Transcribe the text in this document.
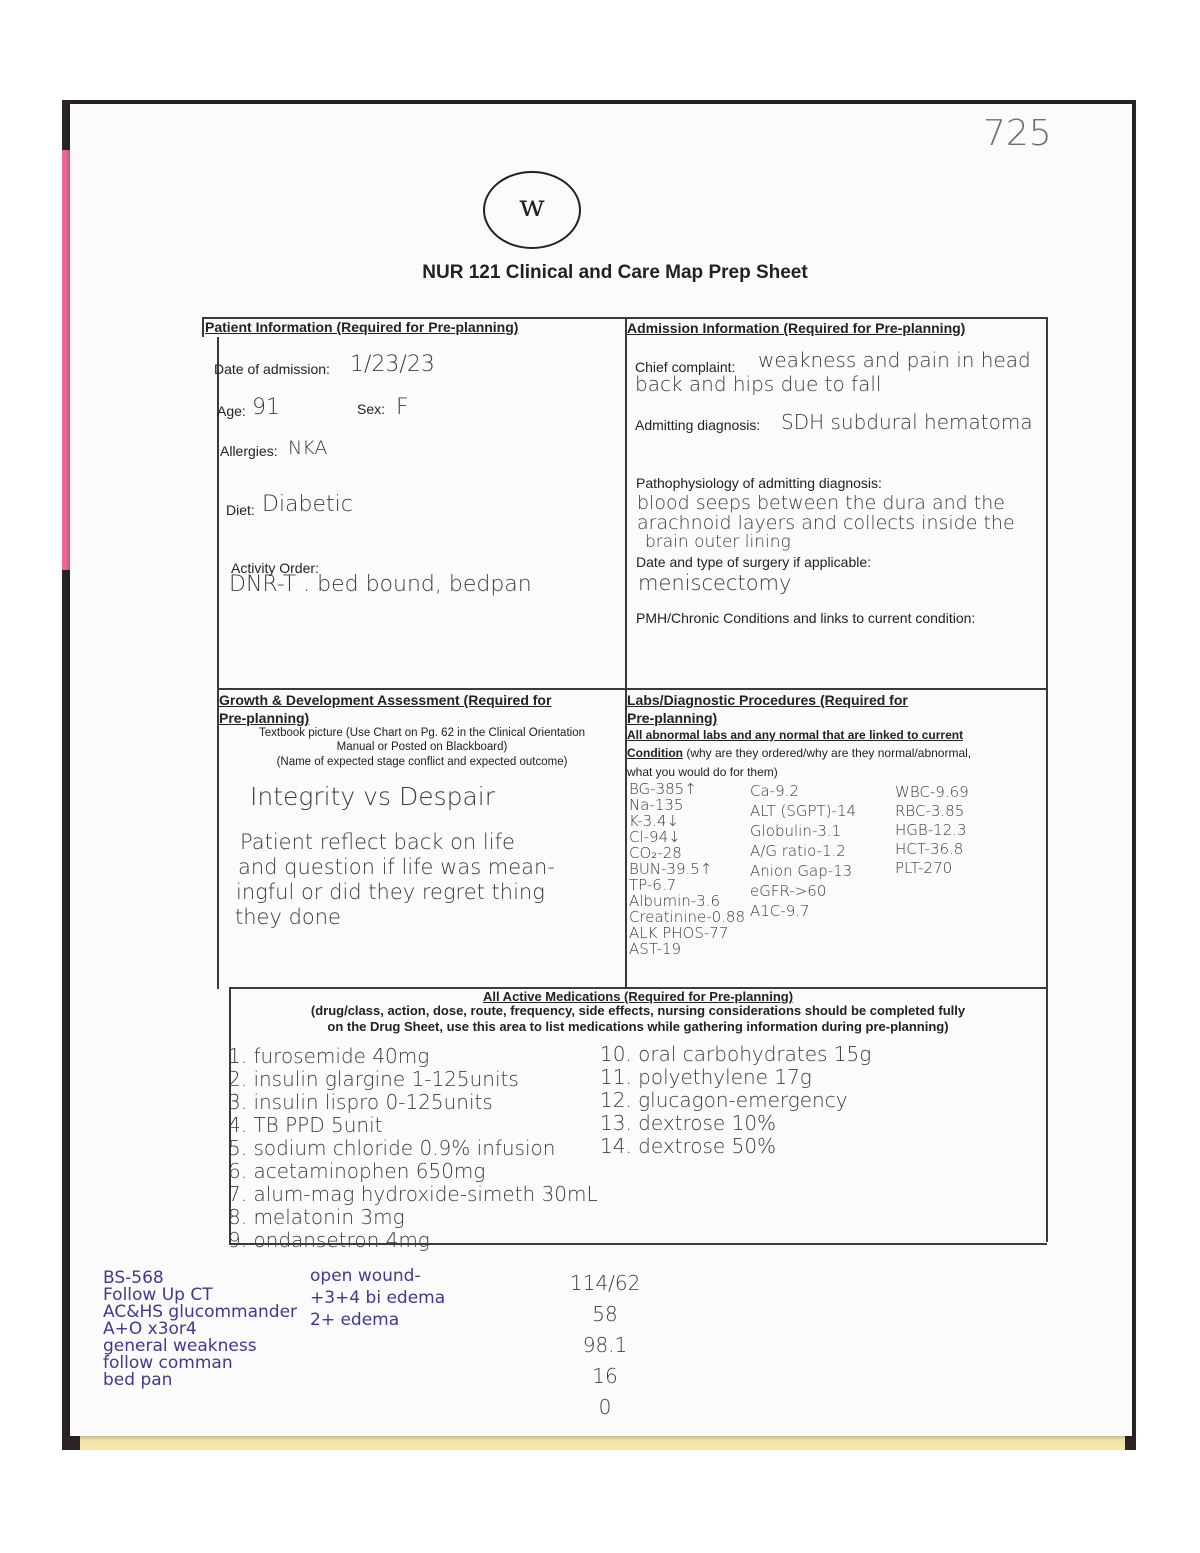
725
w
NUR 121 Clinical and Care Map Prep Sheet
Patient Information (Required for Pre-planning)
Date of admission: 1/23/23
Age: 91	Sex: F
Allergies: NKA
Diet: Diabetic
Activity Order:
DNR-T . bed bound, bedpan
Admission Information (Required for Pre-planning)
Chief complaint: weakness and pain in head
back and hips due to fall
Admitting diagnosis: SDH subdural hematoma
Pathophysiology of admitting diagnosis:
blood seeps between the dura and the
arachnoid layers and collects inside the
brain outer lining
Date and type of surgery if applicable:
meniscectomy
PMH/Chronic Conditions and links to current condition:
Growth & Development Assessment (Required for
Pre-planning)
Textbook picture (Use Chart on Pg. 62 in the Clinical Orientation
Manual or Posted on Blackboard)
(Name of expected stage conflict and expected outcome)
Integrity vs Despair
Patient reflect back on life
and question if life was mean-
ingful or did they regret thing
they done
Labs/Diagnostic Procedures (Required for
Pre-planning)
All abnormal labs and any normal that are linked to current
Condition (why are they ordered/why are they normal/abnormal,
what you would do for them)
BG-385↑
Na-135
K-3.4↓
Cl-94↓
CO₂-28
BUN-39.5↑
TP-6.7
Albumin-3.6
Creatinine-0.88
ALK PHOS-77
AST-19
Ca-9.2
ALT (SGPT)-14
Globulin-3.1
A/G ratio-1.2
Anion Gap-13
eGFR->60
A1C-9.7
WBC-9.69
RBC-3.85
HGB-12.3
HCT-36.8
PLT-270
All Active Medications (Required for Pre-planning)
(drug/class, action, dose, route, frequency, side effects, nursing considerations should be completed fully
on the Drug Sheet, use this area to list medications while gathering information during pre-planning)
1. furosemide 40mg
2. insulin glargine 1-125units
3. insulin lispro 0-125units
4. TB PPD 5unit
5. sodium chloride 0.9% infusion
6. acetaminophen 650mg
7. alum-mag hydroxide-simeth 30mL
8. melatonin 3mg
9. ondansetron 4mg
10. oral carbohydrates 15g
11. polyethylene 17g
12. glucagon-emergency
13. dextrose 10%
14. dextrose 50%
BS-568
Follow Up CT
AC&HS glucommander
A+O x3or4
general weakness
follow comman
bed pan
open wound-
+3+4 bi edema
2+ edema
114/62
58
98.1
16
0
